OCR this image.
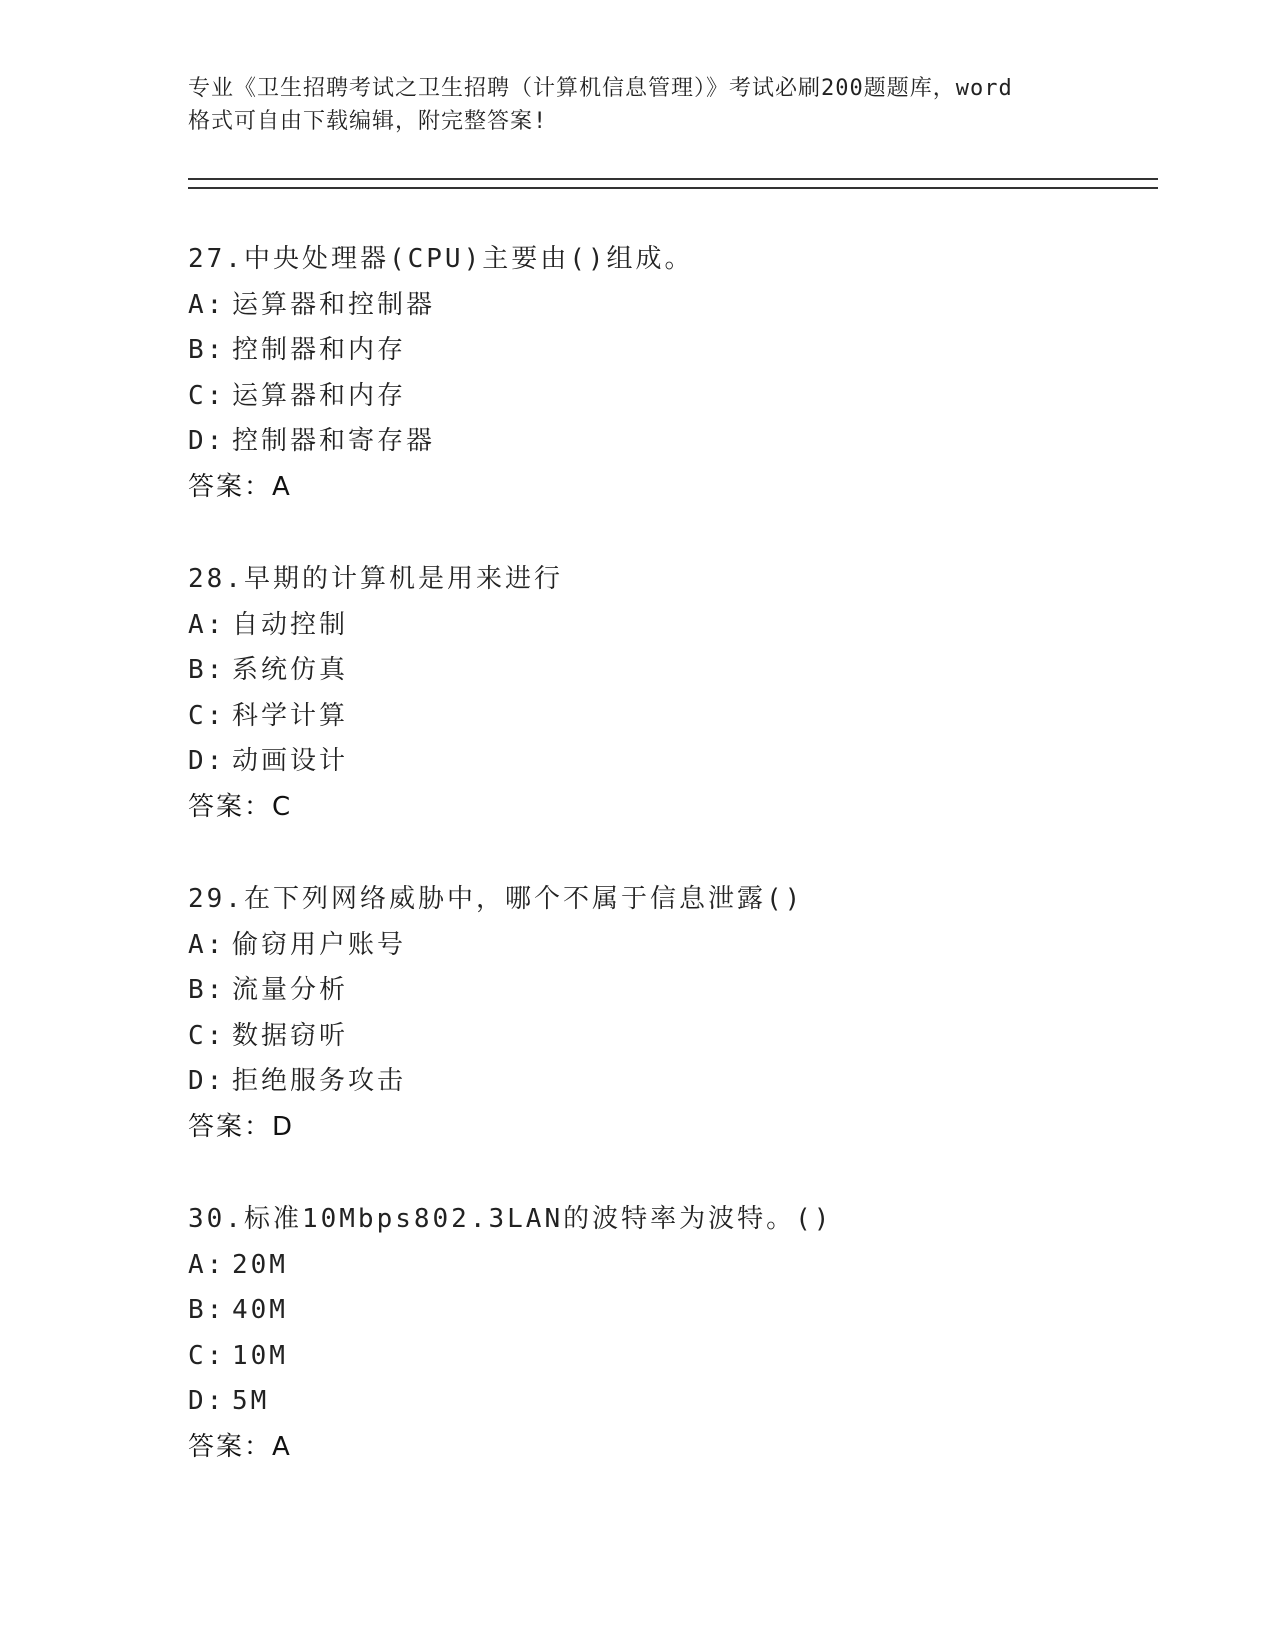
专业《卫生招聘考试之卫生招聘（计算机信息管理）》考试必刷200题题库，word
格式可自由下载编辑，附完整答案!
27.中央处理器(CPU)主要由()组成。
A: 运算器和控制器
B: 控制器和内存
C: 运算器和内存
D: 控制器和寄存器
答案：A
28.早期的计算机是用来进行
A: 自动控制
B: 系统仿真
C: 科学计算
D: 动画设计
答案：C
29.在下列网络威胁中，哪个不属于信息泄露()
A: 偷窃用户账号
B: 流量分析
C: 数据窃听
D: 拒绝服务攻击
答案：D
30.标准10Mbps802.3LAN的波特率为波特。()
A: 20M
B: 40M
C: 10M
D: 5M
答案：A
